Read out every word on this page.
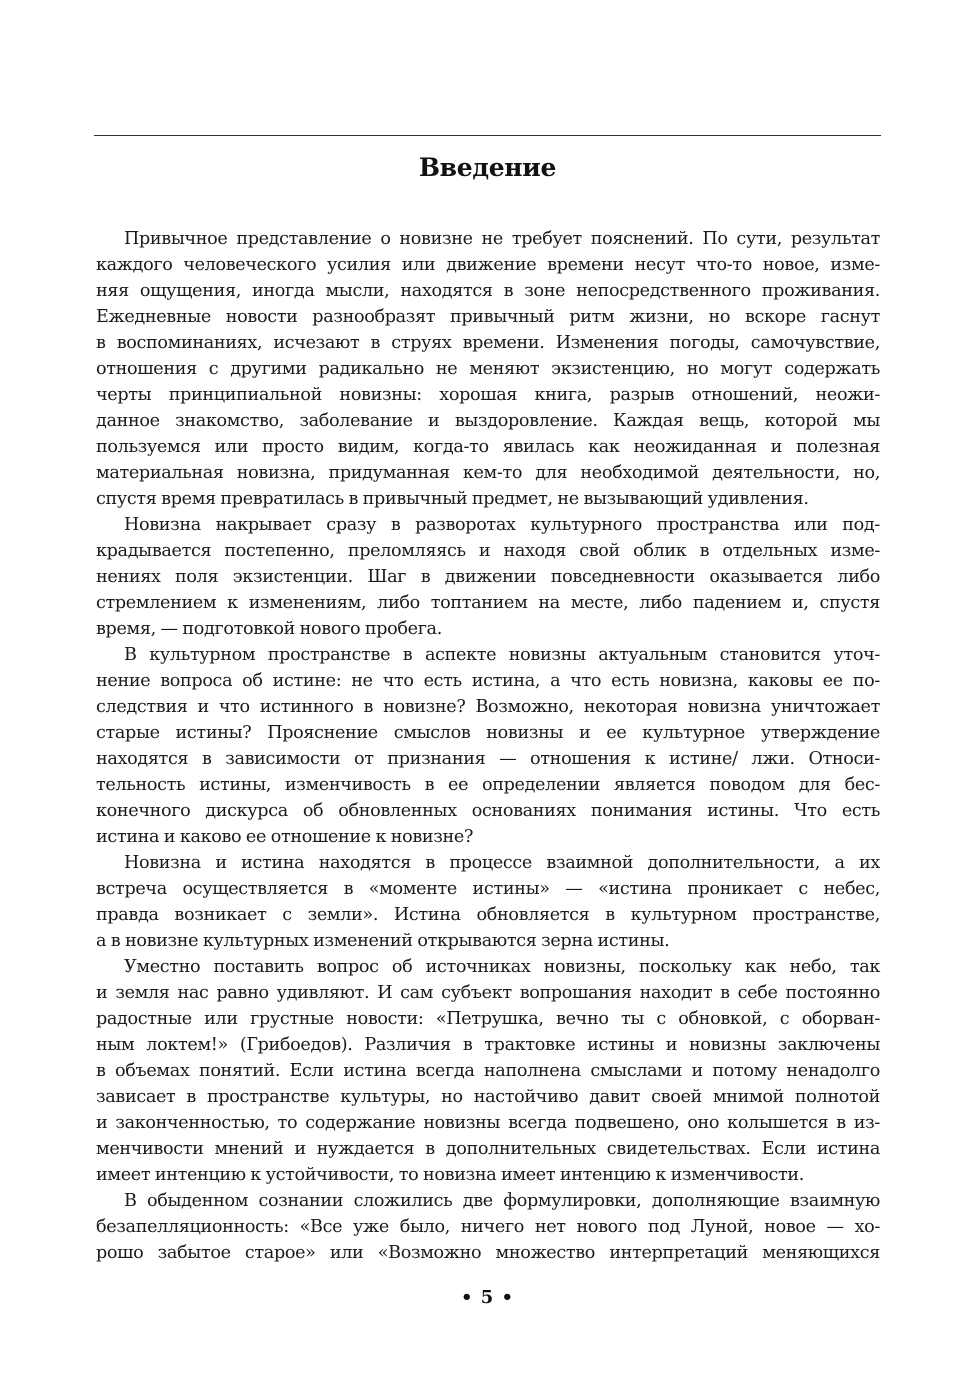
Введение

Привычное представление о новизне не требует пояснений. По сути, результат
каждого человеческого усилия или движение времени несут что-то новое, изме-
няя ощущения, иногда мысли, находятся в зоне непосредственного проживания.
Ежедневные новости разнообразят привычный ритм жизни, но вскоре гаснут
в воспоминаниях, исчезают в струях времени. Изменения погоды, самочувствие,
отношения с другими радикально не меняют экзистенцию, но могут содержать
черты принципиальной новизны: хорошая книга, разрыв отношений, неожи-
данное знакомство, заболевание и выздоровление. Каждая вещь, которой мы
пользуемся или просто видим, когда-то явилась как неожиданная и полезная
материальная новизна, придуманная кем-то для необходимой деятельности, но,
спустя время превратилась в привычный предмет, не вызывающий удивления.

Новизна накрывает сразу в разворотах культурного пространства или под-
крадывается постепенно, преломляясь и находя свой облик в отдельных изме-
нениях поля экзистенции. Шаг в движении повседневности оказывается либо
стремлением к изменениям, либо топтанием на месте, либо падением и, спустя
время, — подготовкой нового пробега.

В культурном пространстве в аспекте новизны актуальным становится уточ-
нение вопроса об истине: не что есть истина, а что есть новизна, каковы ее по-
следствия и что истинного в новизне? Возможно, некоторая новизна уничтожает
старые истины? Прояснение смыслов новизны и ее культурное утверждение
находятся в зависимости от признания — отношения к истине/ лжи. Относи-
тельность истины, изменчивость в ее определении является поводом для бес-
конечного дискурса об обновленных основаниях понимания истины. Что есть
истина и каково ее отношение к новизне?

Новизна и истина находятся в процессе взаимной дополнительности, а их
встреча осуществляется в «моменте истины» — «истина проникает с небес,
правда возникает с земли». Истина обновляется в культурном пространстве,
а в новизне культурных изменений открываются зерна истины.

Уместно поставить вопрос об источниках новизны, поскольку как небо, так
и земля нас равно удивляют. И сам субъект вопрошания находит в себе постоянно
радостные или грустные новости: «Петрушка, вечно ты с обновкой, с оборван-
ным локтем!» (Грибоедов). Различия в трактовке истины и новизны заключены
в объемах понятий. Если истина всегда наполнена смыслами и потому ненадолго
зависает в пространстве культуры, но настойчиво давит своей мнимой полнотой
и законченностью, то содержание новизны всегда подвешено, оно колышется в из-
менчивости мнений и нуждается в дополнительных свидетельствах. Если истина
имеет интенцию к устойчивости, то новизна имеет интенцию к изменчивости.

В обыденном сознании сложились две формулировки, дополняющие взаимную
безапелляционность: «Все уже было, ничего нет нового под Луной, новое — хо-
рошо забытое старое» или «Возможно множество интерпретаций меняющихся

• 5 •
